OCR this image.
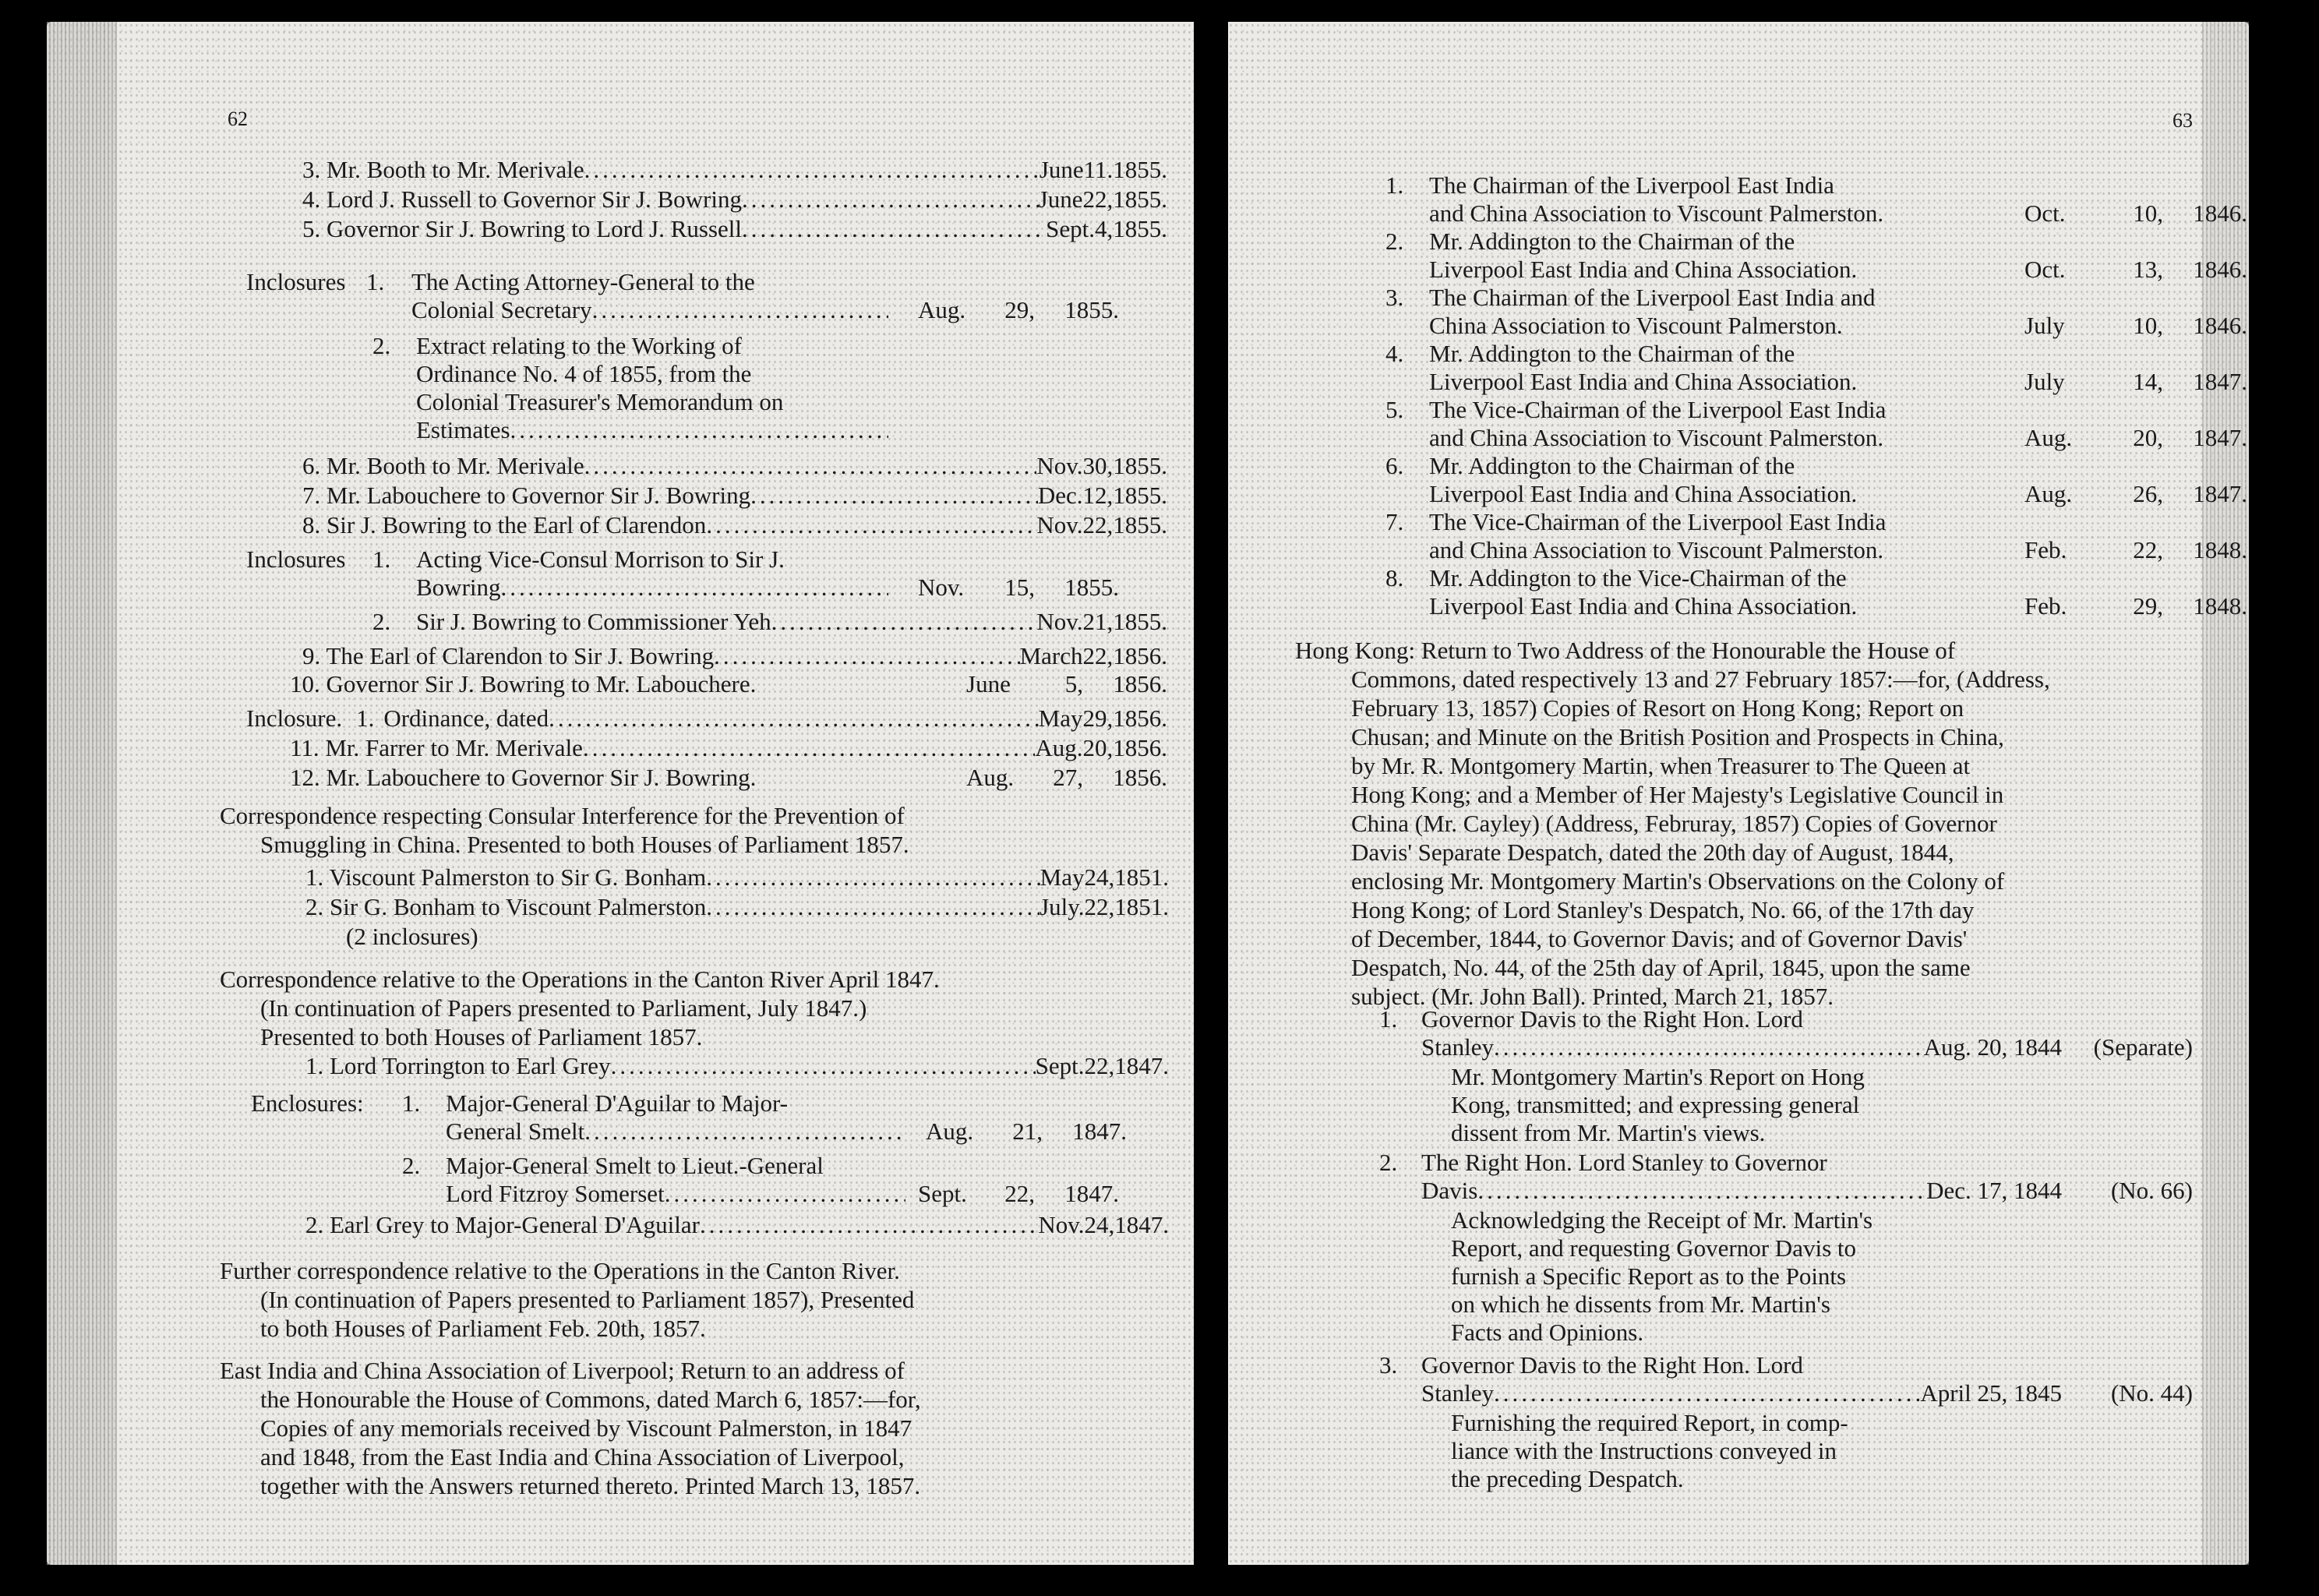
62
3. Mr. Booth to Mr. Merivale .....	June 11. 1855.
4. Lord J. Russell to Governor Sir J. Bowring .....	June 22, 1855.
5. Governor Sir J. Bowring to Lord J. Russell .....	Sept. 4, 1855.
Inclosures 1. The Acting Attorney-General to the
Colonial Secretary .....	Aug.	29,	1855.
2. Extract relating to the Working of
Ordinance No. 4 of 1855, from the
Colonial Treasurer's Memorandum on
Estimates
.....
6. Mr. Booth to Mr. Merivale .....	Nov. 30, 1855.
7. Mr. Labouchere to Governor Sir J. Bowring .....	Dec. 12, 1855.
8. Sir J. Bowring to the Earl of Clarendon .....	Nov. 22, 1855.
Inclosures 1. Acting Vice-Consul Morrison to Sir J.
Bowring .....	Nov.	15,	1855.
2. Sir J. Bowring to Commissioner Yeh .....	Nov. 21, 1855.
9. The Earl of Clarendon to Sir J. Bowring .....	March 22, 1856.
10. Governor Sir J. Bowring to Mr. Labouchere.	June	5,	1856.
Inclosure. 1. Ordinance, dated .....	May 29, 1856.
11. Mr. Farrer to Mr. Merivale .....	Aug. 20, 1856.
12. Mr. Labouchere to Governor Sir J. Bowring.	Aug.	27,	1856.
Correspondence respecting Consular Interference for the Prevention of
Smuggling in China. Presented to both Houses of Parliament 1857.
1. Viscount Palmerston to Sir G. Bonham .....	May 24, 1851.
2. Sir G. Bonham to Viscount Palmerston .....	July. 22, 1851.
(2 inclosures)
Correspondence relative to the Operations in the Canton River April 1847.
(In continuation of Papers presented to Parliament, July 1847.)
Presented to both Houses of Parliament 1857.
1. Lord Torrington to Earl Grey .....	Sept. 22, 1847.
Enclosures: 1. Major-General D'Aguilar to Major-
General Smelt .....	Aug.	21,	1847.
2. Major-General Smelt to Lieut.-General
Lord Fitzroy Somerset .....	Sept.	22,	1847.
2. Earl Grey to Major-General D'Aguilar .....	Nov. 24, 1847.
Further correspondence relative to the Operations in the Canton River.
(In continuation of Papers presented to Parliament 1857), Presented
to both Houses of Parliament Feb. 20th, 1857.
East India and China Association of Liverpool; Return to an address of
the Honourable the House of Commons, dated March 6, 1857:—for,
Copies of any memorials received by Viscount Palmerston, in 1847
and 1848, from the East India and China Association of Liverpool,
together with the Answers returned thereto. Printed March 13, 1857.
63
1. The Chairman of the Liverpool East India
and China Association to Viscount Palmerston.	Oct.	10,	1846.
2. Mr. Addington to the Chairman of the
Liverpool East India and China Association.	Oct.	13,	1846.
3. The Chairman of the Liverpool East India and
China Association to Viscount Palmerston.	July	10,	1846.
4. Mr. Addington to the Chairman of the
Liverpool East India and China Association.	July	14,	1847.
5. The Vice-Chairman of the Liverpool East India
and China Association to Viscount Palmerston.	Aug.	20,	1847.
6. Mr. Addington to the Chairman of the
Liverpool East India and China Association.	Aug.	26,	1847.
7. The Vice-Chairman of the Liverpool East India
and China Association to Viscount Palmerston.	Feb.	22,	1848.
8. Mr. Addington to the Vice-Chairman of the
Liverpool East India and China Association.	Feb.	29,	1848.
Hong Kong: Return to Two Address of the Honourable the House of
Commons, dated respectively 13 and 27 February 1857:—for, (Address,
February 13, 1857) Copies of Resort on Hong Kong; Report on
Chusan; and Minute on the British Position and Prospects in China,
by Mr. R. Montgomery Martin, when Treasurer to The Queen at
Hong Kong; and a Member of Her Majesty's Legislative Council in
China (Mr. Cayley) (Address, Februray, 1857) Copies of Governor
Davis' Separate Despatch, dated the 20th day of August, 1844,
enclosing Mr. Montgomery Martin's Observations on the Colony of
Hong Kong; of Lord Stanley's Despatch, No. 66, of the 17th day
of December, 1844, to Governor Davis; and of Governor Davis'
Despatch, No. 44, of the 25th day of April, 1845, upon the same
subject. (Mr. John Ball). Printed, March 21, 1857.
1. Governor Davis to the Right Hon. Lord
Stanley .....	Aug. 20, 1844	(Separate)
Mr. Montgomery Martin's Report on Hong
Kong, transmitted; and expressing general
dissent from Mr. Martin's views.
2. The Right Hon. Lord Stanley to Governor
Davis .....	Dec. 17, 1844	(No. 66)
Acknowledging the Receipt of Mr. Martin's
Report, and requesting Governor Davis to
furnish a Specific Report as to the Points
on which he dissents from Mr. Martin's
Facts and Opinions.
3. Governor Davis to the Right Hon. Lord
Stanley .....	April 25, 1845	(No. 44)
Furnishing the required Report, in comp-
liance with the Instructions conveyed in
the preceding Despatch.
